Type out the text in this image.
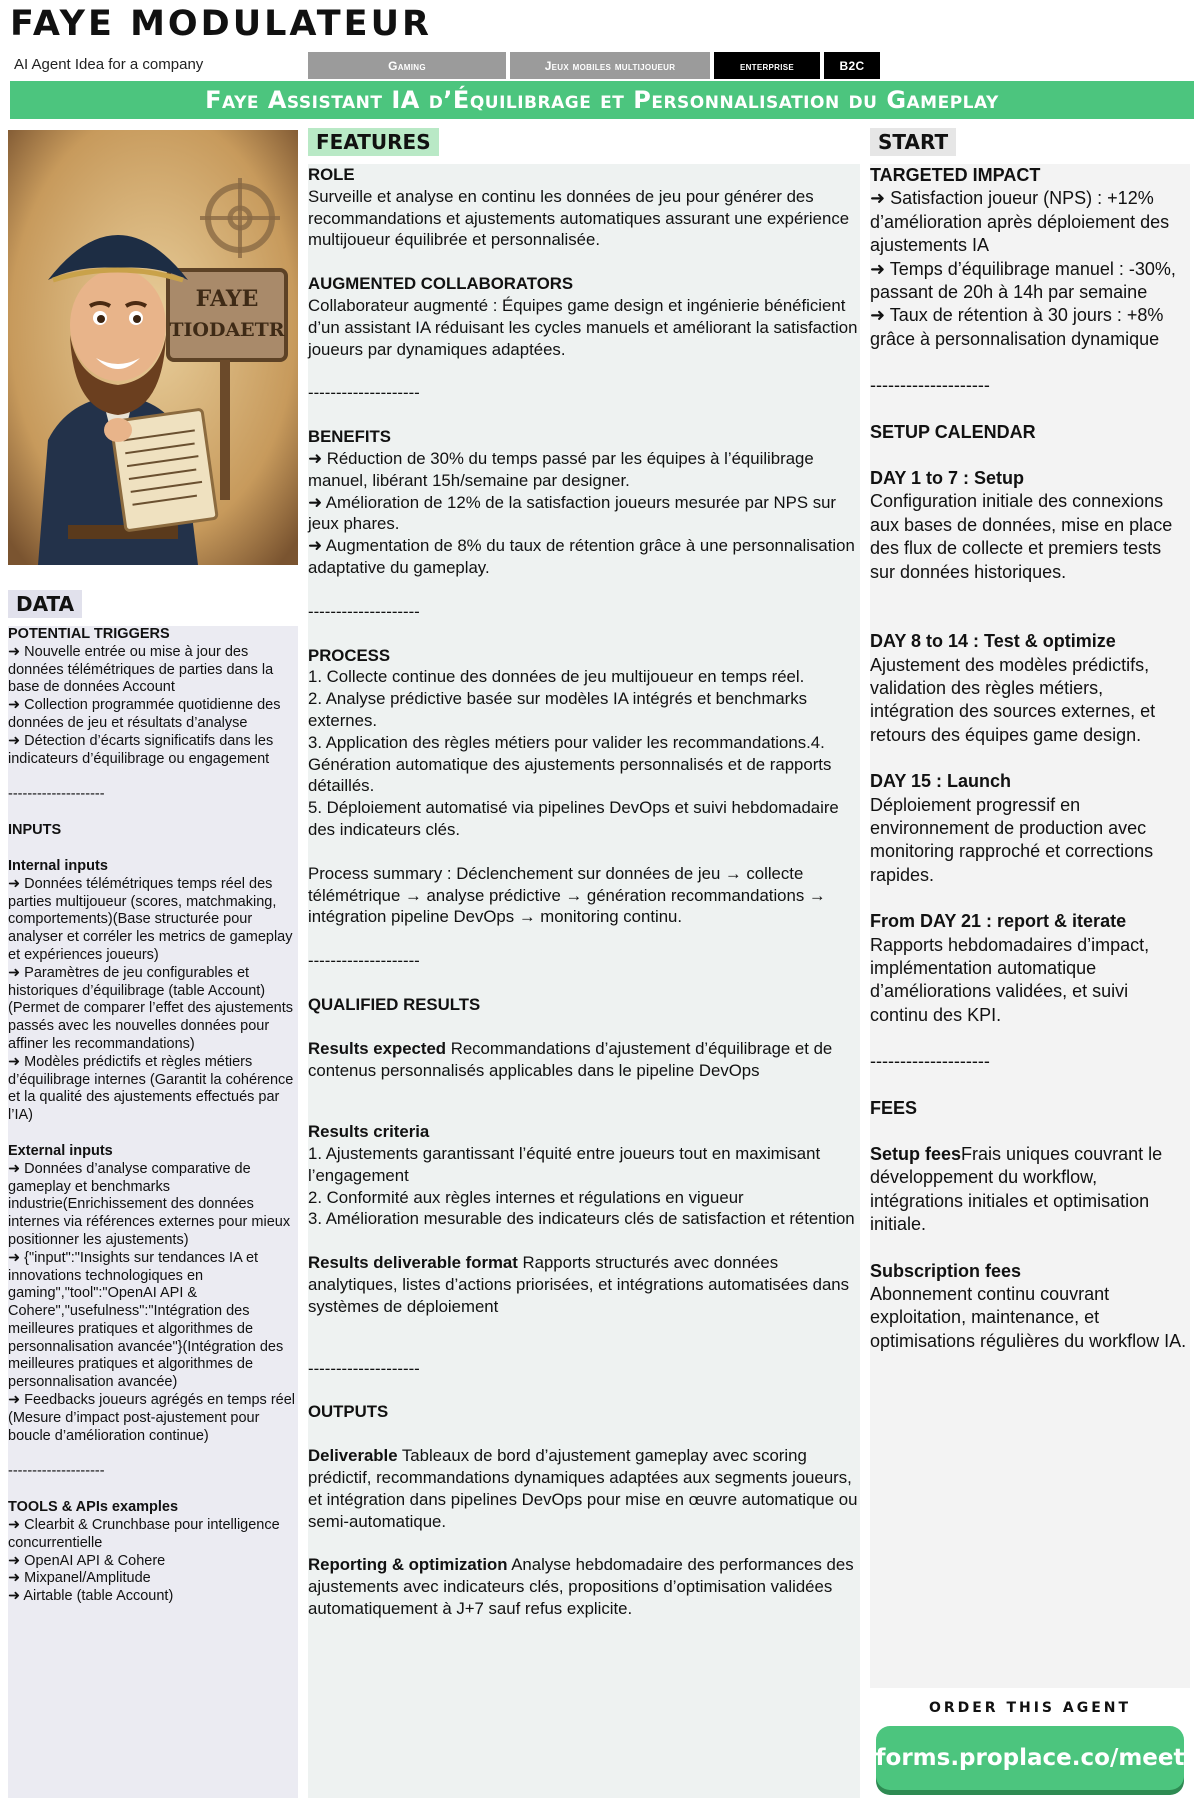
FAYE MODULATEUR
AI Agent Idea for a company	Gaming	Jeux mobiles multijoueur	enterprise	B2C
Faye Assistant IA d’Équilibrage et Personnalisation du Gameplay
FAYE
TIODAETR
FEATURES	START
DATA
POTENTIAL TRIGGERS
➜ Nouvelle entrée ou mise à jour des données télémétriques de parties dans la base de données Account
➜ Collection programmée quotidienne des données de jeu et résultats d’analyse
➜ Détection d’écarts significatifs dans les indicateurs d’équilibrage ou engagement
--------------------
INPUTS
Internal inputs
➜ Données télémétriques temps réel des parties multijoueur (scores, matchmaking, comportements)(Base structurée pour analyser et corréler les metrics de gameplay et expériences joueurs)
➜ Paramètres de jeu configurables et historiques d’équilibrage (table Account) (Permet de comparer l’effet des ajustements passés avec les nouvelles données pour affiner les recommandations)
➜ Modèles prédictifs et règles métiers d’équilibrage internes (Garantit la cohérence et la qualité des ajustements effectués par l’IA)
External inputs
➜ Données d’analyse comparative de gameplay et benchmarks industrie(Enrichissement des données internes via références externes pour mieux positionner les ajustements)
➜ {"input":"Insights sur tendances IA et innovations technologiques en gaming","tool":"OpenAI API & Cohere","usefulness":"Intégration des meilleures pratiques et algorithmes de personnalisation avancée"}(Intégration des meilleures pratiques et algorithmes de personnalisation avancée)
➜ Feedbacks joueurs agrégés en temps réel (Mesure d’impact post-ajustement pour boucle d’amélioration continue)
--------------------
TOOLS & APIs examples
➜ Clearbit & Crunchbase pour intelligence concurrentielle
➜ OpenAI API & Cohere
➜ Mixpanel/Amplitude
➜ Airtable (table Account)
ROLE
Surveille et analyse en continu les données de jeu pour générer des recommandations et ajustements automatiques assurant une expérience multijoueur équilibrée et personnalisée.
AUGMENTED COLLABORATORS
Collaborateur augmenté : Équipes game design et ingénierie bénéficient d’un assistant IA réduisant les cycles manuels et améliorant la satisfaction joueurs par dynamiques adaptées.
--------------------
BENEFITS
➜ Réduction de 30% du temps passé par les équipes à l’équilibrage manuel, libérant 15h/semaine par designer.
➜ Amélioration de 12% de la satisfaction joueurs mesurée par NPS sur jeux phares.
➜ Augmentation de 8% du taux de rétention grâce à une personnalisation adaptative du gameplay.
--------------------
PROCESS
1. Collecte continue des données de jeu multijoueur en temps réel.
2. Analyse prédictive basée sur modèles IA intégrés et benchmarks externes.
3. Application des règles métiers pour valider les recommandations.4. Génération automatique des ajustements personnalisés et de rapports détaillés.
5. Déploiement automatisé via pipelines DevOps et suivi hebdomadaire des indicateurs clés.
Process summary : Déclenchement sur données de jeu → collecte télémétrique → analyse prédictive → génération recommandations → intégration pipeline DevOps → monitoring continu.
--------------------
QUALIFIED RESULTS
Results expected Recommandations d’ajustement d’équilibrage et de contenus personnalisés applicables dans le pipeline DevOps
Results criteria
1. Ajustements garantissant l’équité entre joueurs tout en maximisant l’engagement
2. Conformité aux règles internes et régulations en vigueur
3. Amélioration mesurable des indicateurs clés de satisfaction et rétention
Results deliverable format Rapports structurés avec données analytiques, listes d’actions priorisées, et intégrations automatisées dans systèmes de déploiement
--------------------
OUTPUTS
Deliverable Tableaux de bord d’ajustement gameplay avec scoring prédictif, recommandations dynamiques adaptées aux segments joueurs, et intégration dans pipelines DevOps pour mise en œuvre automatique ou semi-automatique.
Reporting & optimization Analyse hebdomadaire des performances des ajustements avec indicateurs clés, propositions d’optimisation validées automatiquement à J+7 sauf refus explicite.
TARGETED IMPACT
➜ Satisfaction joueur (NPS) : +12% d’amélioration après déploiement des ajustements IA
➜ Temps d’équilibrage manuel : -30%, passant de 20h à 14h par semaine
➜ Taux de rétention à 30 jours : +8% grâce à personnalisation dynamique
--------------------
SETUP CALENDAR
DAY 1 to 7 : Setup
Configuration initiale des connexions aux bases de données, mise en place des flux de collecte et premiers tests sur données historiques.
DAY 8 to 14 : Test & optimize
Ajustement des modèles prédictifs, validation des règles métiers, intégration des sources externes, et retours des équipes game design.
DAY 15 : Launch
Déploiement progressif en environnement de production avec monitoring rapproché et corrections rapides.
From DAY 21 : report & iterate
Rapports hebdomadaires d’impact, implémentation automatique d’améliorations validées, et suivi continu des KPI.
--------------------
FEES
Setup feesFrais uniques couvrant le développement du workflow, intégrations initiales et optimisation initiale.
Subscription fees
Abonnement continu couvrant exploitation, maintenance, et optimisations régulières du workflow IA.
ORDER THIS AGENT
forms.proplace.co/meet
